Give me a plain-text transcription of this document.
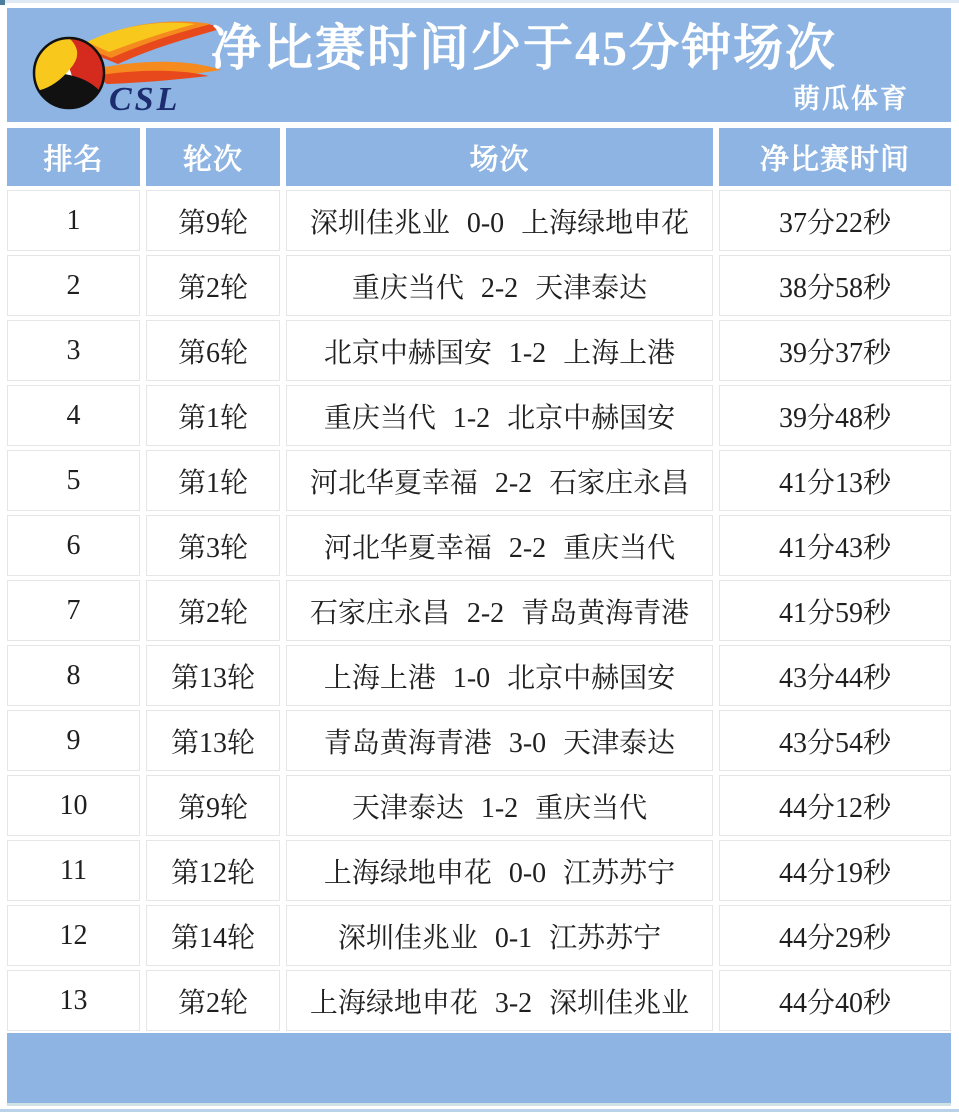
CSL
净比赛时间少于45分钟场次
萌瓜体育
排名	轮次	场次	净比赛时间
1	第9轮	深圳佳兆业 0-0 上海绿地申花	37分22秒
2	第2轮	重庆当代 2-2 天津泰达	38分58秒
3	第6轮	北京中赫国安 1-2 上海上港	39分37秒
4	第1轮	重庆当代 1-2 北京中赫国安	39分48秒
5	第1轮	河北华夏幸福 2-2 石家庄永昌	41分13秒
6	第3轮	河北华夏幸福 2-2 重庆当代	41分43秒
7	第2轮	石家庄永昌 2-2 青岛黄海青港	41分59秒
8	第13轮	上海上港 1-0 北京中赫国安	43分44秒
9	第13轮	青岛黄海青港 3-0 天津泰达	43分54秒
10	第9轮	天津泰达 1-2 重庆当代	44分12秒
11	第12轮	上海绿地申花 0-0 江苏苏宁	44分19秒
12	第14轮	深圳佳兆业 0-1 江苏苏宁	44分29秒
13	第2轮	上海绿地申花 3-2 深圳佳兆业	44分40秒
